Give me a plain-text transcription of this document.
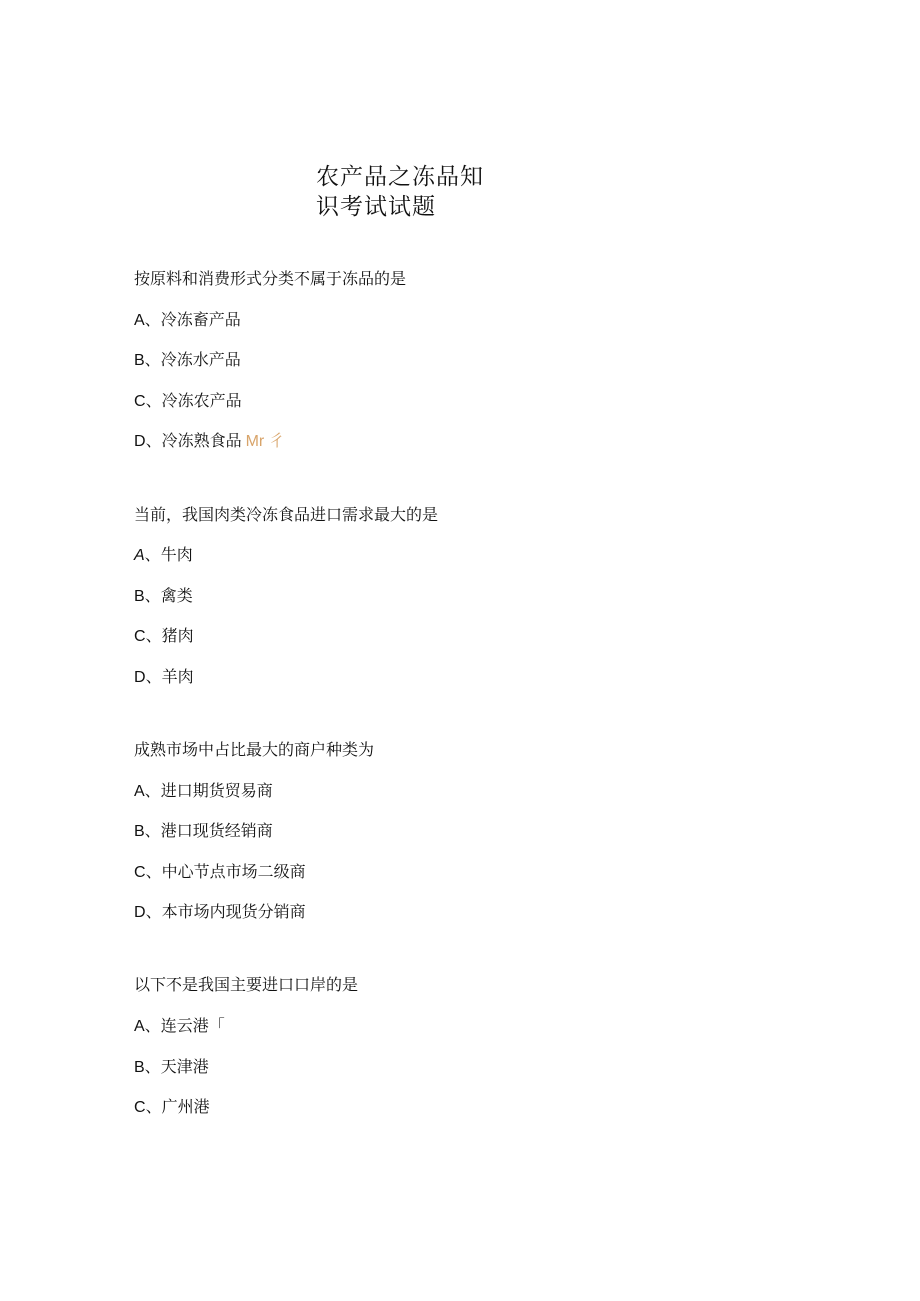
农产品之冻品知
识考试试题
按原料和消费形式分类不属于冻品的是
A、冷冻畜产品
B、冷冻水产品
C、冷冻农产品
D、冷冻熟食品 Mr 彳
当前，我国肉类冷冻食品进口需求最大的是
A、牛肉
B、禽类
C、猪肉
D、羊肉
成熟市场中占比最大的商户种类为
A、进口期货贸易商
B、港口现货经销商
C、中心节点市场二级商
D、本市场内现货分销商
以下不是我国主要进口口岸的是
A、连云港「
B、天津港
C、广州港
